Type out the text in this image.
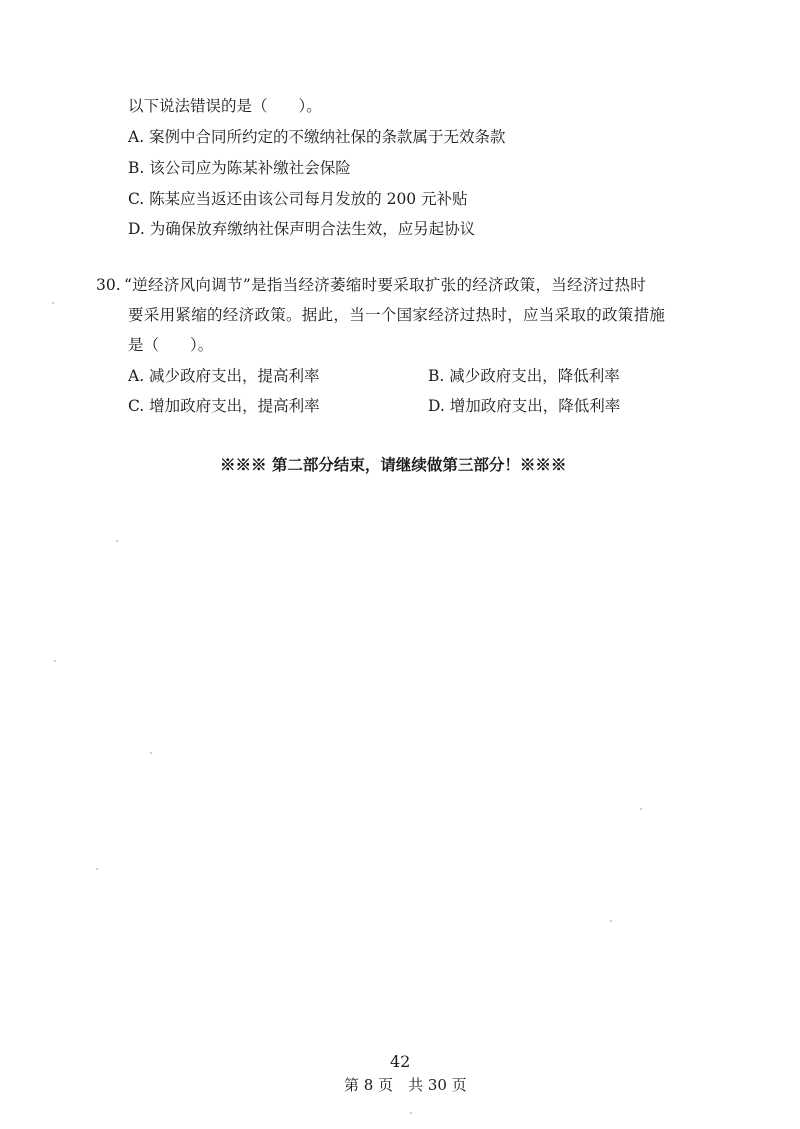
以下说法错误的是（　　）。
A. 案例中合同所约定的不缴纳社保的条款属于无效条款
B. 该公司应为陈某补缴社会保险
C. 陈某应当返还由该公司每月发放的 200 元补贴
D. 为确保放弃缴纳社保声明合法生效，应另起协议
30. “逆经济风向调节”是指当经济萎缩时要采取扩张的经济政策，当经济过热时
要采用紧缩的经济政策。据此，当一个国家经济过热时，应当采取的政策措施
是（　　）。
A. 减少政府支出，提高利率	B. 减少政府支出，降低利率
C. 增加政府支出，提高利率	D. 增加政府支出，降低利率
※※※ 第二部分结束，请继续做第三部分！※※※
42
第 8 页　共 30 页
